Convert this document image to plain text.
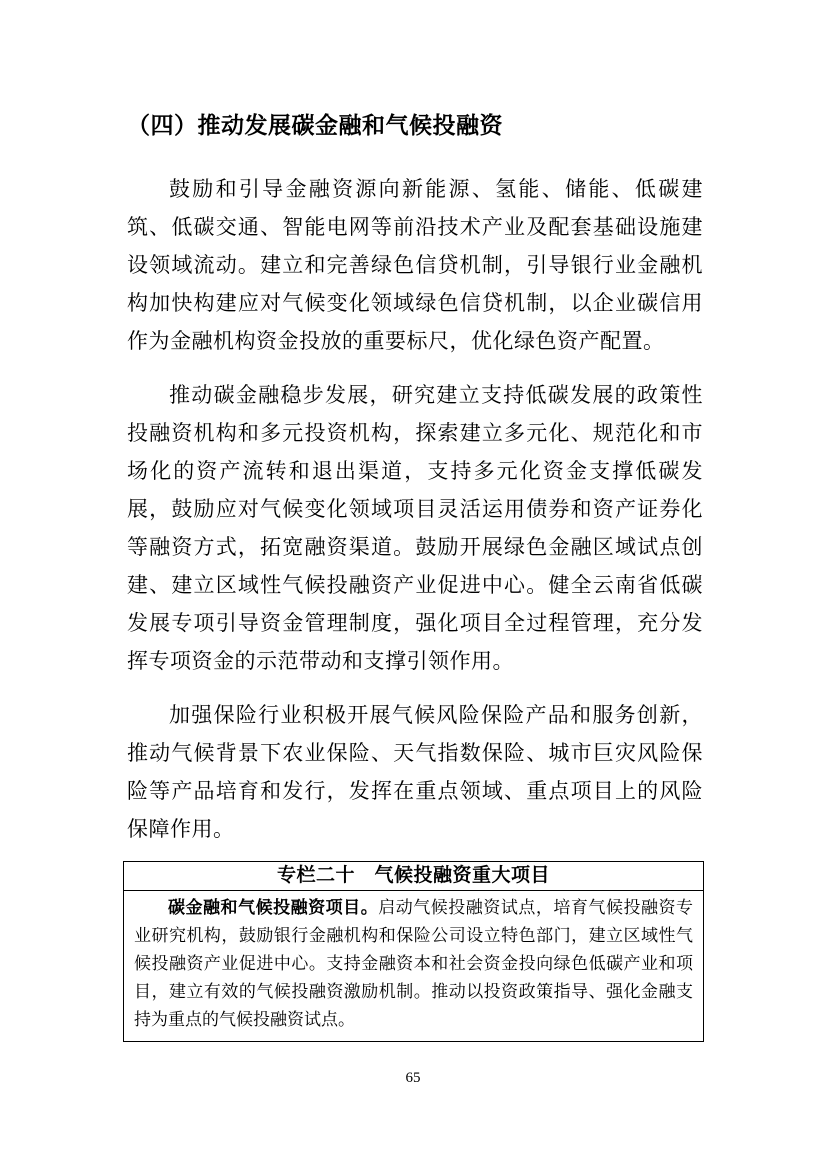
（四）推动发展碳金融和气候投融资

鼓励和引导金融资源向新能源、氢能、储能、低碳建筑、低碳交通、智能电网等前沿技术产业及配套基础设施建设领域流动。建立和完善绿色信贷机制，引导银行业金融机构加快构建应对气候变化领域绿色信贷机制，以企业碳信用作为金融机构资金投放的重要标尺，优化绿色资产配置。

推动碳金融稳步发展，研究建立支持低碳发展的政策性投融资机构和多元投资机构，探索建立多元化、规范化和市场化的资产流转和退出渠道，支持多元化资金支撑低碳发展，鼓励应对气候变化领域项目灵活运用债券和资产证券化等融资方式，拓宽融资渠道。鼓励开展绿色金融区域试点创建、建立区域性气候投融资产业促进中心。健全云南省低碳发展专项引导资金管理制度，强化项目全过程管理，充分发挥专项资金的示范带动和支撑引领作用。

加强保险行业积极开展气候风险保险产品和服务创新，推动气候背景下农业保险、天气指数保险、城市巨灾风险保险等产品培育和发行，发挥在重点领域、重点项目上的风险保障作用。

专栏二十　气候投融资重大项目

碳金融和气候投融资项目。启动气候投融资试点，培育气候投融资专业研究机构，鼓励银行金融机构和保险公司设立特色部门，建立区域性气候投融资产业促进中心。支持金融资本和社会资金投向绿色低碳产业和项目，建立有效的气候投融资激励机制。推动以投资政策指导、强化金融支持为重点的气候投融资试点。

65
